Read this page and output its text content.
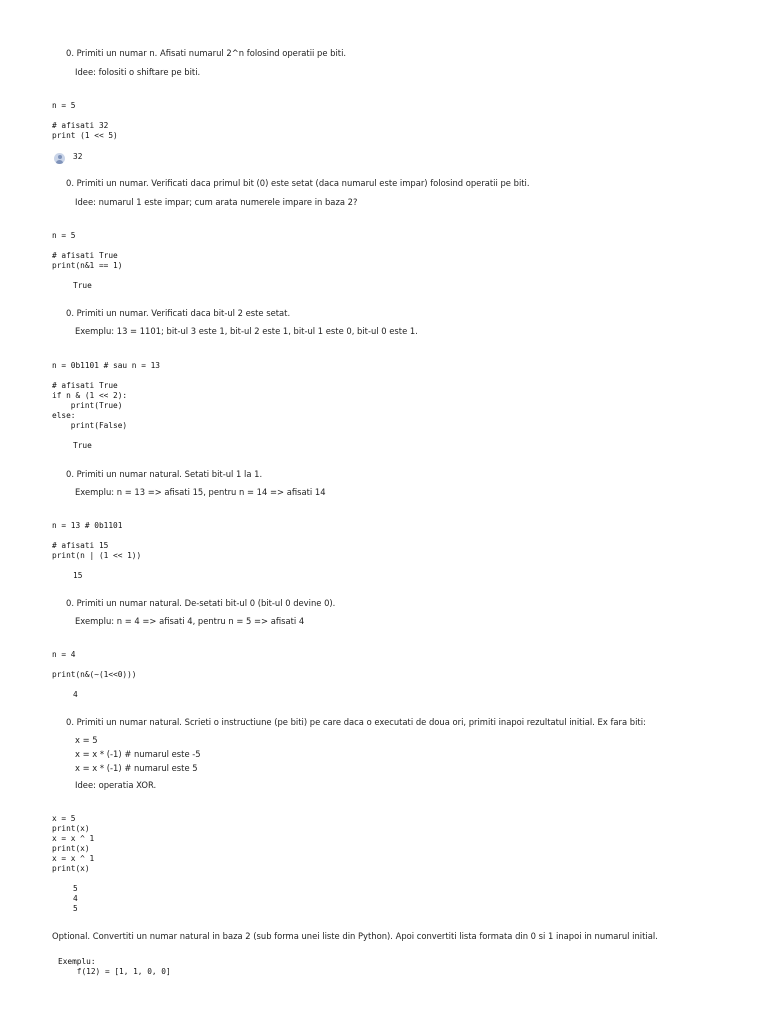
0. Primiti un numar n. Afisati numarul 2^n folosind operatii pe biti.
Idee: folositi o shiftare pe biti.
n = 5

# afisati 32
print (1 << 5)
32
0. Primiti un numar. Verificati daca primul bit (0) este setat (daca numarul este impar) folosind operatii pe biti.
Idee: numarul 1 este impar; cum arata numerele impare in baza 2?
n = 5

# afisati True
print(n&1 == 1)
True
0. Primiti un numar. Verificati daca bit-ul 2 este setat.
Exemplu: 13 = 1101; bit-ul 3 este 1, bit-ul 2 este 1, bit-ul 1 este 0, bit-ul 0 este 1.
n = 0b1101 # sau n = 13

# afisati True
if n & (1 << 2):
print(True)
else:
print(False)
True
0. Primiti un numar natural. Setati bit-ul 1 la 1.
Exemplu: n = 13 => afisati 15, pentru n = 14 => afisati 14
n = 13 # 0b1101

# afisati 15
print(n | (1 << 1))
15
0. Primiti un numar natural. De-setati bit-ul 0 (bit-ul 0 devine 0).
Exemplu: n = 4 => afisati 4, pentru n = 5 => afisati 4
n = 4

print(n&(~(1<<0)))
4
0. Primiti un numar natural. Scrieti o instructiune (pe biti) pe care daca o executati de doua ori, primiti inapoi rezultatul initial. Ex fara biti:
x = 5
x = x * (-1) # numarul este -5
x = x * (-1) # numarul este 5
Idee: operatia XOR.
x = 5
print(x)
x = x ^ 1
print(x)
x = x ^ 1
print(x)
5
4
5
Optional. Convertiti un numar natural in baza 2 (sub forma unei liste din Python). Apoi convertiti lista formata din 0 si 1 inapoi in numarul initial.
Exemplu:
f(12) = [1, 1, 0, 0]
